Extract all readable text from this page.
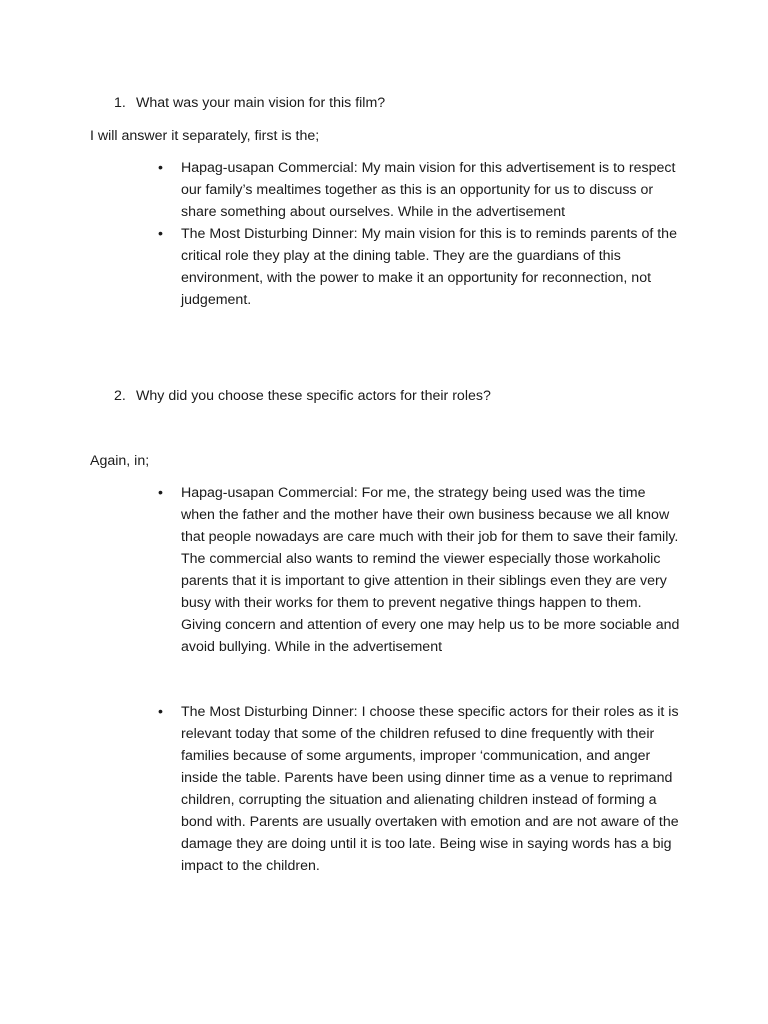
1. What was your main vision for this film?
I will answer it separately, first is the;
•	Hapag-usapan Commercial: My main vision for this advertisement is to respect our family’s mealtimes together as this is an opportunity for us to discuss or share something about ourselves. While in the advertisement
•	The Most Disturbing Dinner: My main vision for this is to reminds parents of the critical role they play at the dining table. They are the guardians of this environment, with the power to make it an opportunity for reconnection, not judgement.
2. Why did you choose these specific actors for their roles?
Again, in;
•	Hapag-usapan Commercial: For me, the strategy being used was the time when the father and the mother have their own business because we all know that people nowadays are care much with their job for them to save their family. The commercial also wants to remind the viewer especially those workaholic parents that it is important to give attention in their siblings even they are very busy with their works for them to prevent negative things happen to them. Giving concern and attention of every one may help us to be more sociable and avoid bullying. While in the advertisement
•	The Most Disturbing Dinner: I choose these specific actors for their roles as it is relevant today that some of the children refused to dine frequently with their families because of some arguments, improper ‘communication, and anger inside the table. Parents have been using dinner time as a venue to reprimand children, corrupting the situation and alienating children instead of forming a bond with. Parents are usually overtaken with emotion and are not aware of the damage they are doing until it is too late. Being wise in saying words has a big impact to the children.
